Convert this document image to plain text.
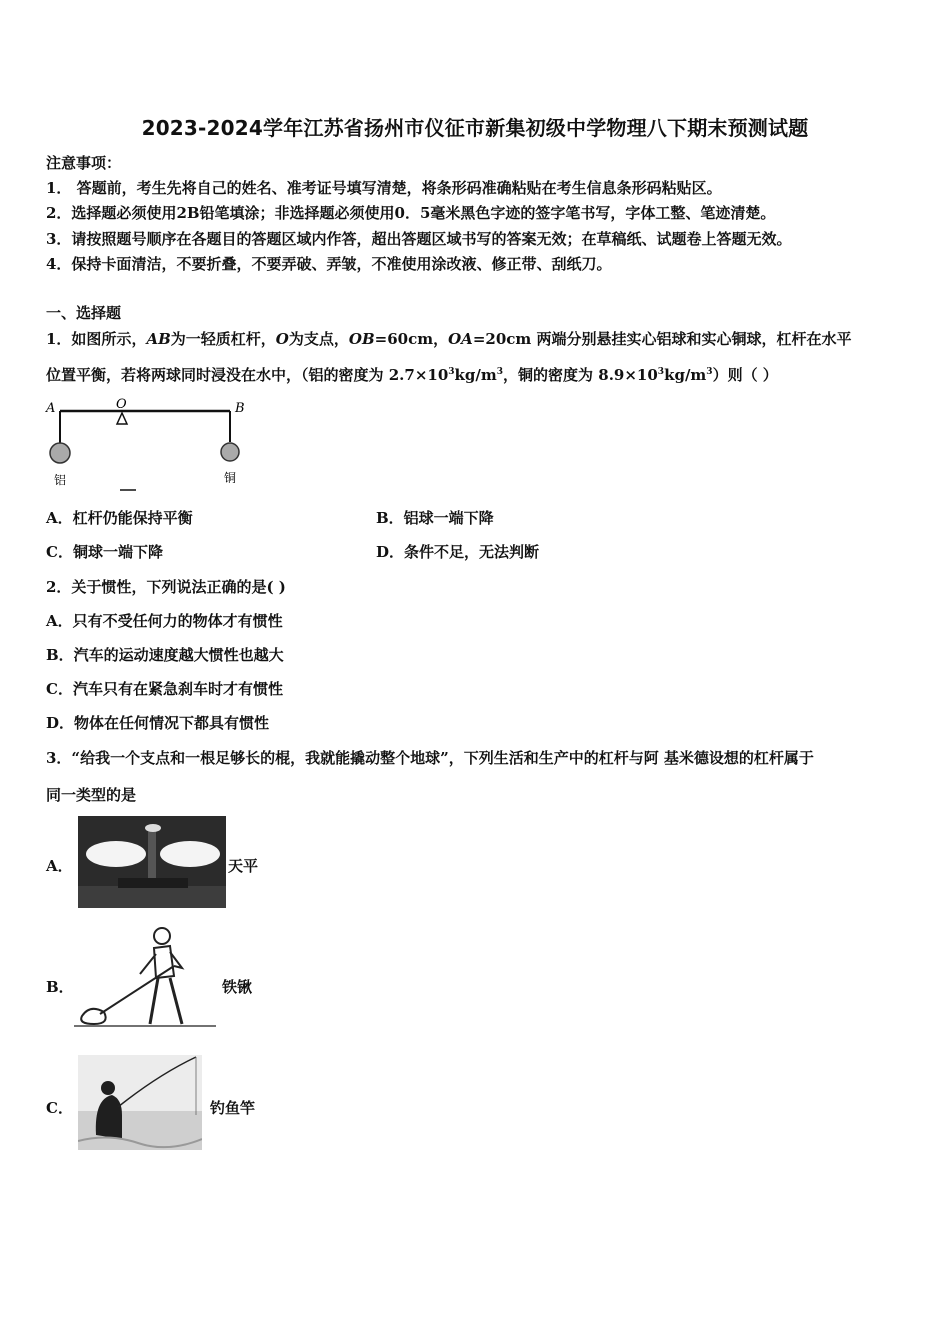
2023-2024学年江苏省扬州市仪征市新集初级中学物理八下期末预测试题
注意事项：
1． 答题前，考生先将自己的姓名、准考证号填写清楚，将条形码准确粘贴在考生信息条形码粘贴区。
2．选择题必须使用2B铅笔填涂；非选择题必须使用0．5毫米黑色字迹的签字笔书写，字体工整、笔迹清楚。
3．请按照题号顺序在各题目的答题区域内作答，超出答题区域书写的答案无效；在草稿纸、试题卷上答题无效。
4．保持卡面清洁，不要折叠，不要弄破、弄皱，不准使用涂改液、修正带、刮纸刀。
一、选择题
1．如图所示，AB为一轻质杠杆，O为支点，OB=60cm，OA=20cm 两端分别悬挂实心铝球和实心铜球，杠杆在水平
位置平衡，若将两球同时浸没在水中，（铝的密度为 $2.7\times 10^3kg/m^3$，铜的密度为 $8.9\times 10^3kg/m^3$）则（ ）
A	O	B
铝	铜
A．杠杆仍能保持平衡	B．铝球一端下降
C．铜球一端下降	D．条件不足，无法判断
2．关于惯性，下列说法正确的是( )
A．只有不受任何力的物体才有惯性
B．汽车的运动速度越大惯性也越大
C．汽车只有在紧急刹车时才有惯性
D．物体在任何情况下都具有惯性
3．“给我一个支点和一根足够长的棍，我就能撬动整个地球”，下列生活和生产中的杠杆与阿 基米德设想的杠杆属于
同一类型的是
A．	天平
B．	铁锹
C．	钓鱼竿
